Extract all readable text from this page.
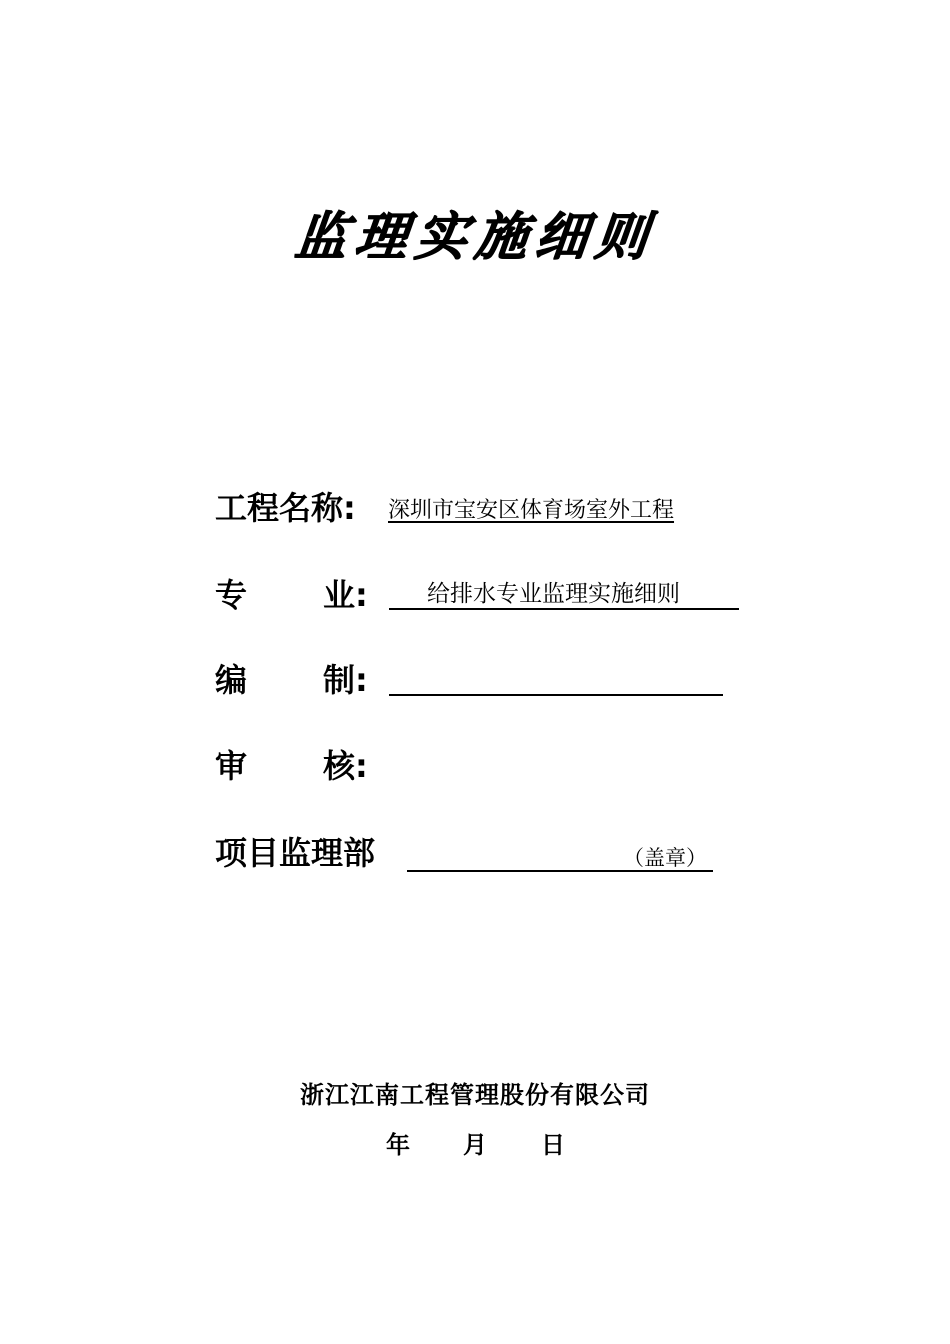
监理实施细则
工程名称: 深圳市宝安区体育场室外工程
专 业:	给排水专业监理实施细则
编 制:
审 核:
项目监理部	（盖章）
浙江江南工程管理股份有限公司
年 月 日
